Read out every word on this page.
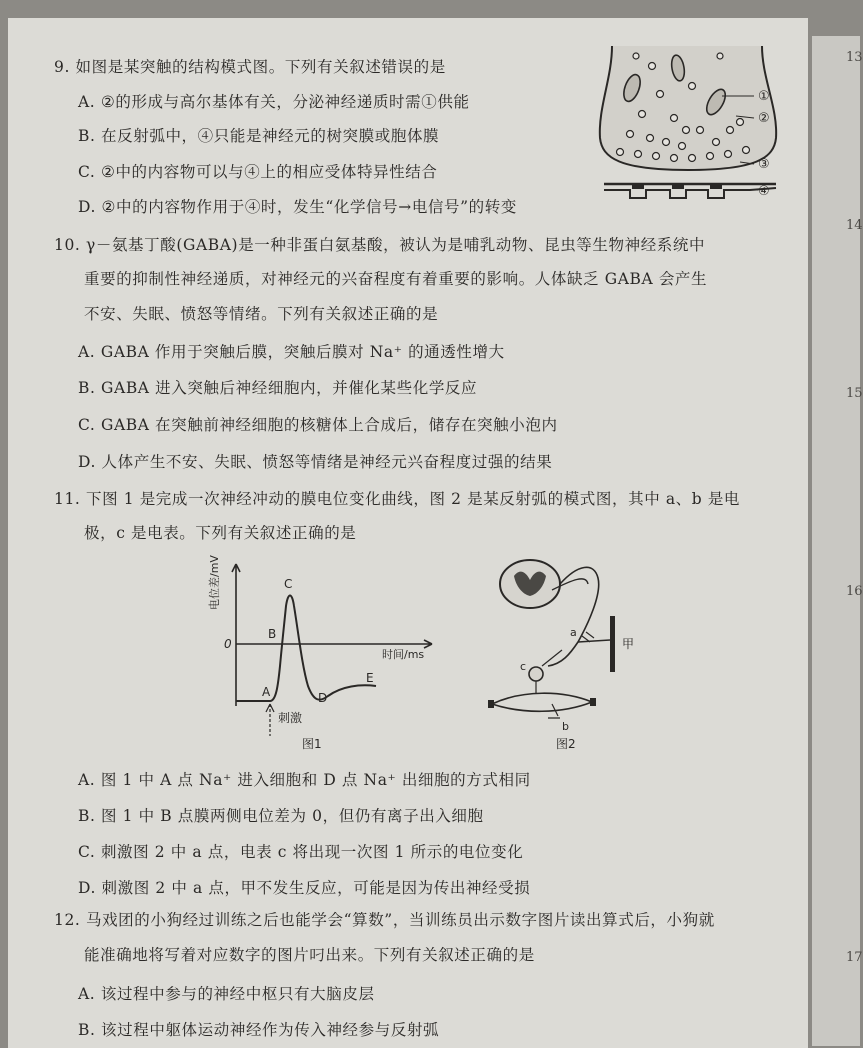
13
14
15
16
17
9. 如图是某突触的结构模式图。下列有关叙述错误的是
A. ②的形成与高尔基体有关，分泌神经递质时需①供能
B. 在反射弧中，④只能是神经元的树突膜或胞体膜
C. ②中的内容物可以与④上的相应受体特异性结合
D. ②中的内容物作用于④时，发生“化学信号→电信号”的转变
①
②
③
④
10. γ－氨基丁酸(GABA)是一种非蛋白氨基酸，被认为是哺乳动物、昆虫等生物神经系统中
重要的抑制性神经递质，对神经元的兴奋程度有着重要的影响。人体缺乏 GABA 会产生
不安、失眠、愤怒等情绪。下列有关叙述正确的是
A. GABA 作用于突触后膜，突触后膜对 Na⁺ 的通透性增大
B. GABA 进入突触后神经细胞内，并催化某些化学反应
C. GABA 在突触前神经细胞的核糖体上合成后，储存在突触小泡内
D. 人体产生不安、失眠、愤怒等情绪是神经元兴奋程度过强的结果
11. 下图 1 是完成一次神经冲动的膜电位变化曲线，图 2 是某反射弧的模式图，其中 a、b 是电
极，c 是电表。下列有关叙述正确的是
电位差/mV
0
时间/ms
A
B
C
D
E
刺激
图1
甲
a
c
b
图2
A. 图 1 中 A 点 Na⁺ 进入细胞和 D 点 Na⁺ 出细胞的方式相同
B. 图 1 中 B 点膜两侧电位差为 0，但仍有离子出入细胞
C. 刺激图 2 中 a 点，电表 c 将出现一次图 1 所示的电位变化
D. 刺激图 2 中 a 点，甲不发生反应，可能是因为传出神经受损
12. 马戏团的小狗经过训练之后也能学会“算数”，当训练员出示数字图片读出算式后，小狗就
能准确地将写着对应数字的图片叼出来。下列有关叙述正确的是
A. 该过程中参与的神经中枢只有大脑皮层
B. 该过程中躯体运动神经作为传入神经参与反射弧
